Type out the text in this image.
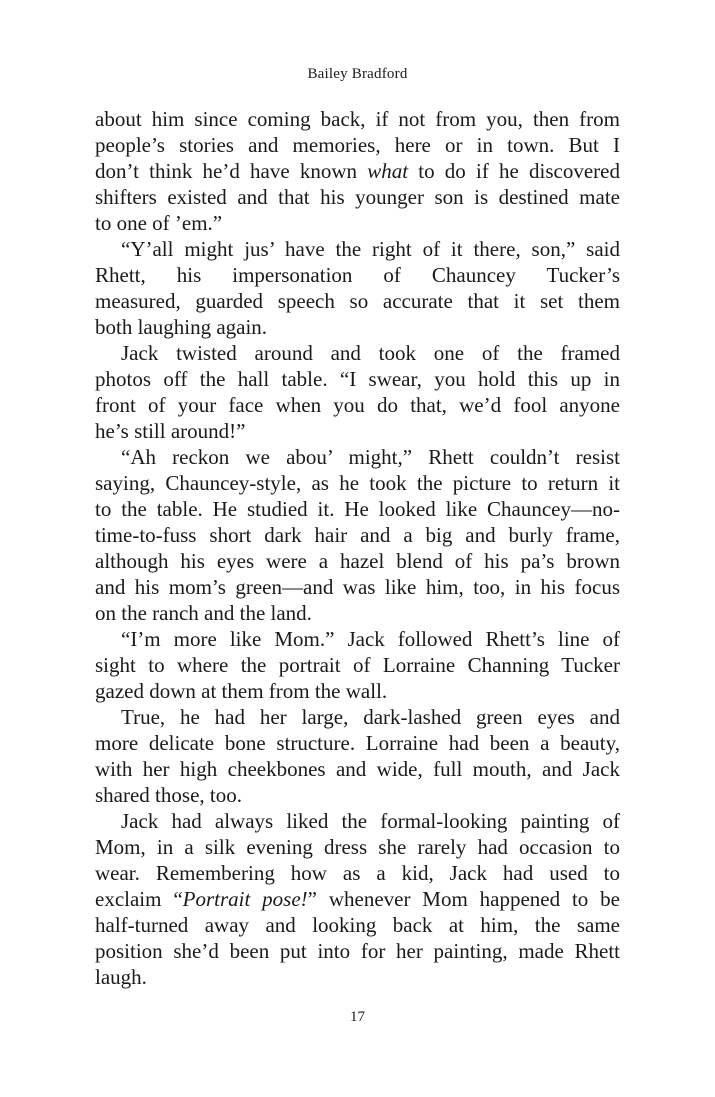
Bailey Bradford
about him since coming back, if not from you, then from
people’s stories and memories, here or in town. But I
don’t think he’d have known what to do if he discovered
shifters existed and that his younger son is destined mate
to one of ’em.”
“Y’all might jus’ have the right of it there, son,” said
Rhett, his impersonation of Chauncey Tucker’s
measured, guarded speech so accurate that it set them
both laughing again.
Jack twisted around and took one of the framed
photos off the hall table. “I swear, you hold this up in
front of your face when you do that, we’d fool anyone
he’s still around!”
“Ah reckon we abou’ might,” Rhett couldn’t resist
saying, Chauncey-style, as he took the picture to return it
to the table. He studied it. He looked like Chauncey—no-
time-to-fuss short dark hair and a big and burly frame,
although his eyes were a hazel blend of his pa’s brown
and his mom’s green—and was like him, too, in his focus
on the ranch and the land.
“I’m more like Mom.” Jack followed Rhett’s line of
sight to where the portrait of Lorraine Channing Tucker
gazed down at them from the wall.
True, he had her large, dark-lashed green eyes and
more delicate bone structure. Lorraine had been a beauty,
with her high cheekbones and wide, full mouth, and Jack
shared those, too.
Jack had always liked the formal-looking painting of
Mom, in a silk evening dress she rarely had occasion to
wear. Remembering how as a kid, Jack had used to
exclaim “Portrait pose!” whenever Mom happened to be
half-turned away and looking back at him, the same
position she’d been put into for her painting, made Rhett
laugh.
17
